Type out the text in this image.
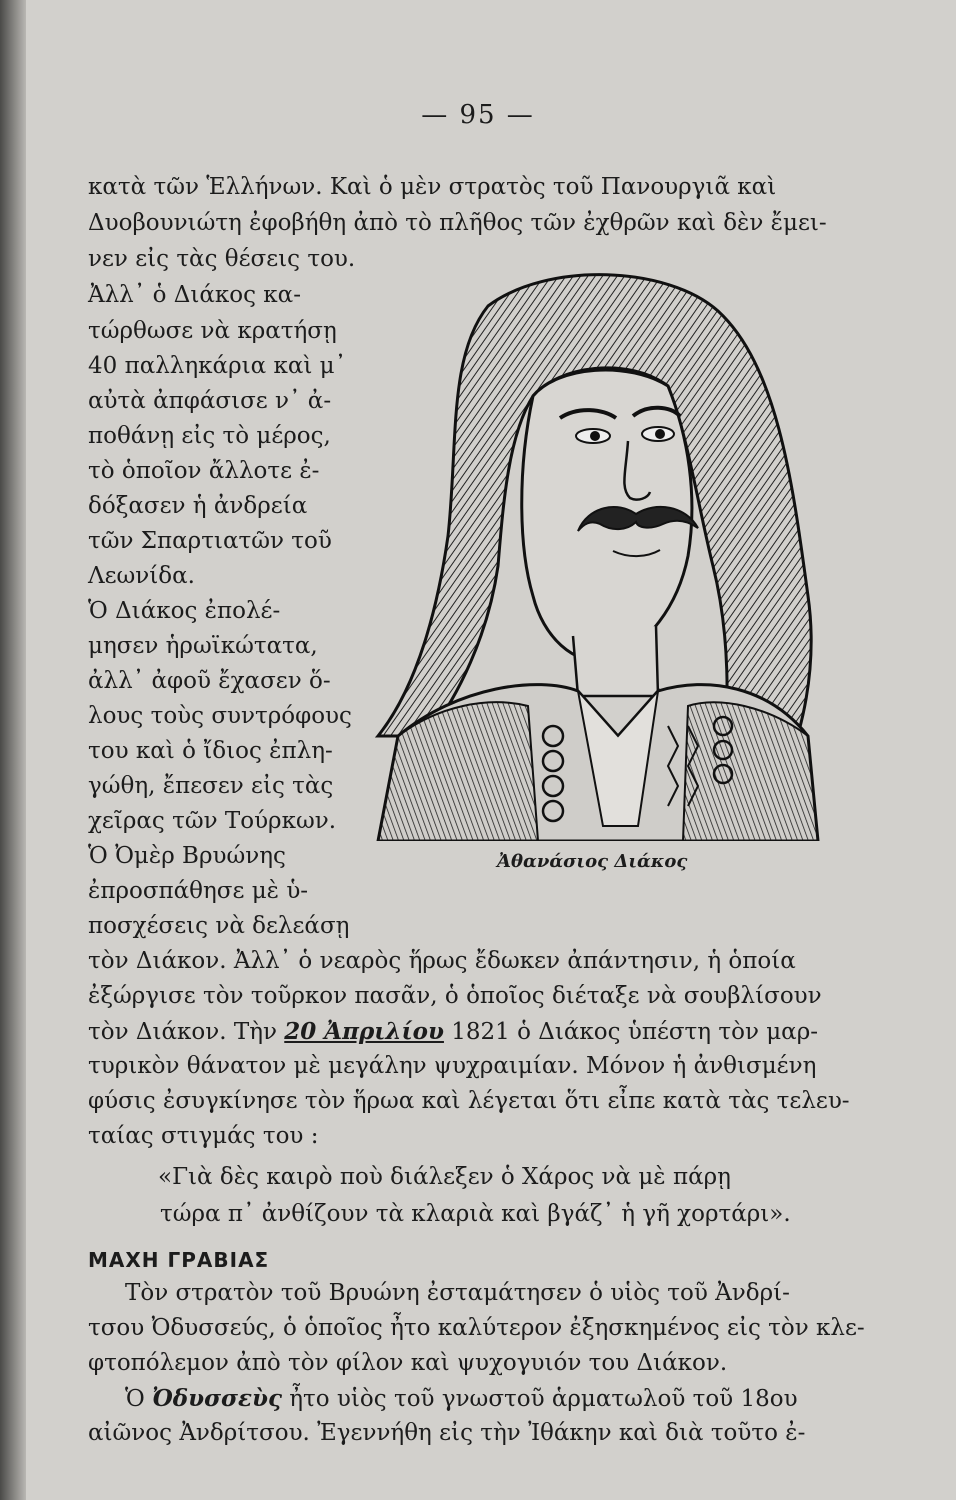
— 95 —
κατὰ τῶν Ἑλλήνων. Καὶ ὁ μὲν στρατὸς τοῦ Πανουργιᾶ καὶ
Δυοβουνιώτη ἐφοβήθη ἀπὸ τὸ πλῆθος τῶν ἐχθρῶν καὶ δὲν ἔμει-
νεν εἰς τὰς θέσεις του.
Ἀλλ᾿ ὁ Διάκος κα-
τώρθωσε νὰ κρατήσῃ
40 παλληκάρια καὶ μ᾿
αὐτὰ ἀπφάσισε ν᾿ ἀ-
ποθάνῃ εἰς τὸ μέρος,
τὸ ὁποῖον ἄλλοτε ἐ-
δόξασεν ἡ ἀνδρεία
τῶν Σπαρτιατῶν τοῦ
Λεωνίδα.
Ὁ Διάκος ἐπολέ-
μησεν ἡρωϊκώτατα,
ἀλλ᾿ ἀφοῦ ἔχασεν ὅ-
λους τοὺς συντρόφους
του καὶ ὁ ἴδιος ἐπλη-
γώθη, ἔπεσεν εἰς τὰς
χεῖρας τῶν Τούρκων.
Ὁ Ὀμὲρ Βρυώνης
ἐπροσπάθησε μὲ ὑ-
ποσχέσεις νὰ δελεάσῃ
τὸν Διάκον. Ἀλλ᾿ ὁ νεαρὸς ἥρως ἔδωκεν ἀπάντησιν, ἡ ὁποία
ἐξώργισε τὸν τοῦρκον πασᾶν, ὁ ὁποῖος διέταξε νὰ σουβλίσουν
τὸν Διάκον. Τὴν 20 Ἀπριλίου 1821 ὁ Διάκος ὑπέστη τὸν μαρ-
τυρικὸν θάνατον μὲ μεγάλην ψυχραιμίαν. Μόνον ἡ ἀνθισμένη
φύσις ἐσυγκίνησε τὸν ἥρωα καὶ λέγεται ὅτι εἶπε κατὰ τὰς τελευ-
ταίας στιγμάς του :
«Γιὰ δὲς καιρὸ ποὺ διάλεξεν ὁ Χάρος νὰ μὲ πάρῃ
τώρα π᾿ ἀνθίζουν τὰ κλαριὰ καὶ βγάζ᾿ ἡ γῆ χορτάρι».
ΜΑΧΗ ΓΡΑΒΙΑΣ
Τὸν στρατὸν τοῦ Βρυώνη ἐσταμάτησεν ὁ υἱὸς τοῦ Ἀνδρί-
τσου Ὀδυσσεύς, ὁ ὁποῖος ἦτο καλύτερον ἐξησκημένος εἰς τὸν κλε-
φτοπόλεμον ἀπὸ τὸν φίλον καὶ ψυχογυιόν του Διάκον.
Ὁ Ὀδυσσεὺς ἦτο υἱὸς τοῦ γνωστοῦ ἁρματωλοῦ τοῦ 18ου
αἰῶνος Ἀνδρίτσου. Ἐγεννήθη εἰς τὴν Ἰθάκην καὶ διὰ τοῦτο ἐ-
Ἀθανάσιος Διάκος
